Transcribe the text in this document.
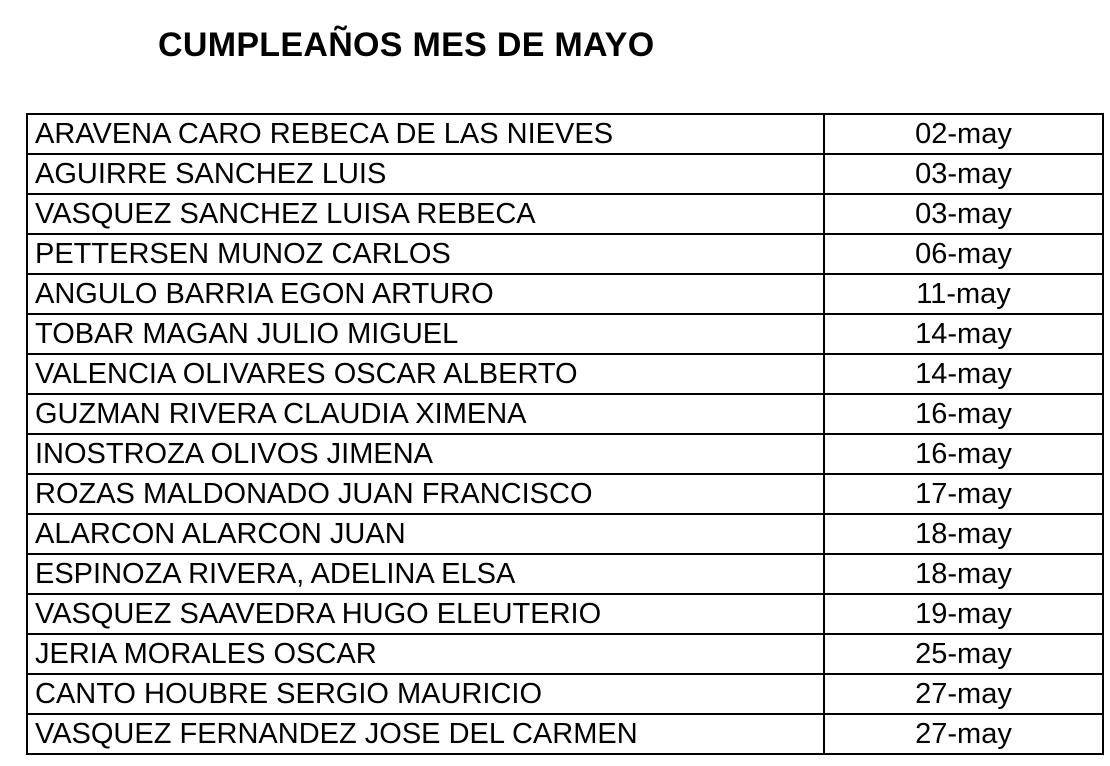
CUMPLEAÑOS MES DE MAYO
ARAVENA CARO REBECA DE LAS NIEVES	02-may
AGUIRRE SANCHEZ LUIS	03-may
VASQUEZ SANCHEZ LUISA REBECA	03-may
PETTERSEN MUNOZ CARLOS	06-may
ANGULO BARRIA EGON ARTURO	11-may
TOBAR MAGAN JULIO MIGUEL	14-may
VALENCIA OLIVARES OSCAR ALBERTO	14-may
GUZMAN RIVERA CLAUDIA XIMENA	16-may
INOSTROZA OLIVOS JIMENA	16-may
ROZAS MALDONADO JUAN FRANCISCO	17-may
ALARCON ALARCON JUAN	18-may
ESPINOZA RIVERA, ADELINA ELSA	18-may
VASQUEZ SAAVEDRA HUGO ELEUTERIO	19-may
JERIA MORALES OSCAR	25-may
CANTO HOUBRE SERGIO MAURICIO	27-may
VASQUEZ FERNANDEZ JOSE DEL CARMEN	27-may
